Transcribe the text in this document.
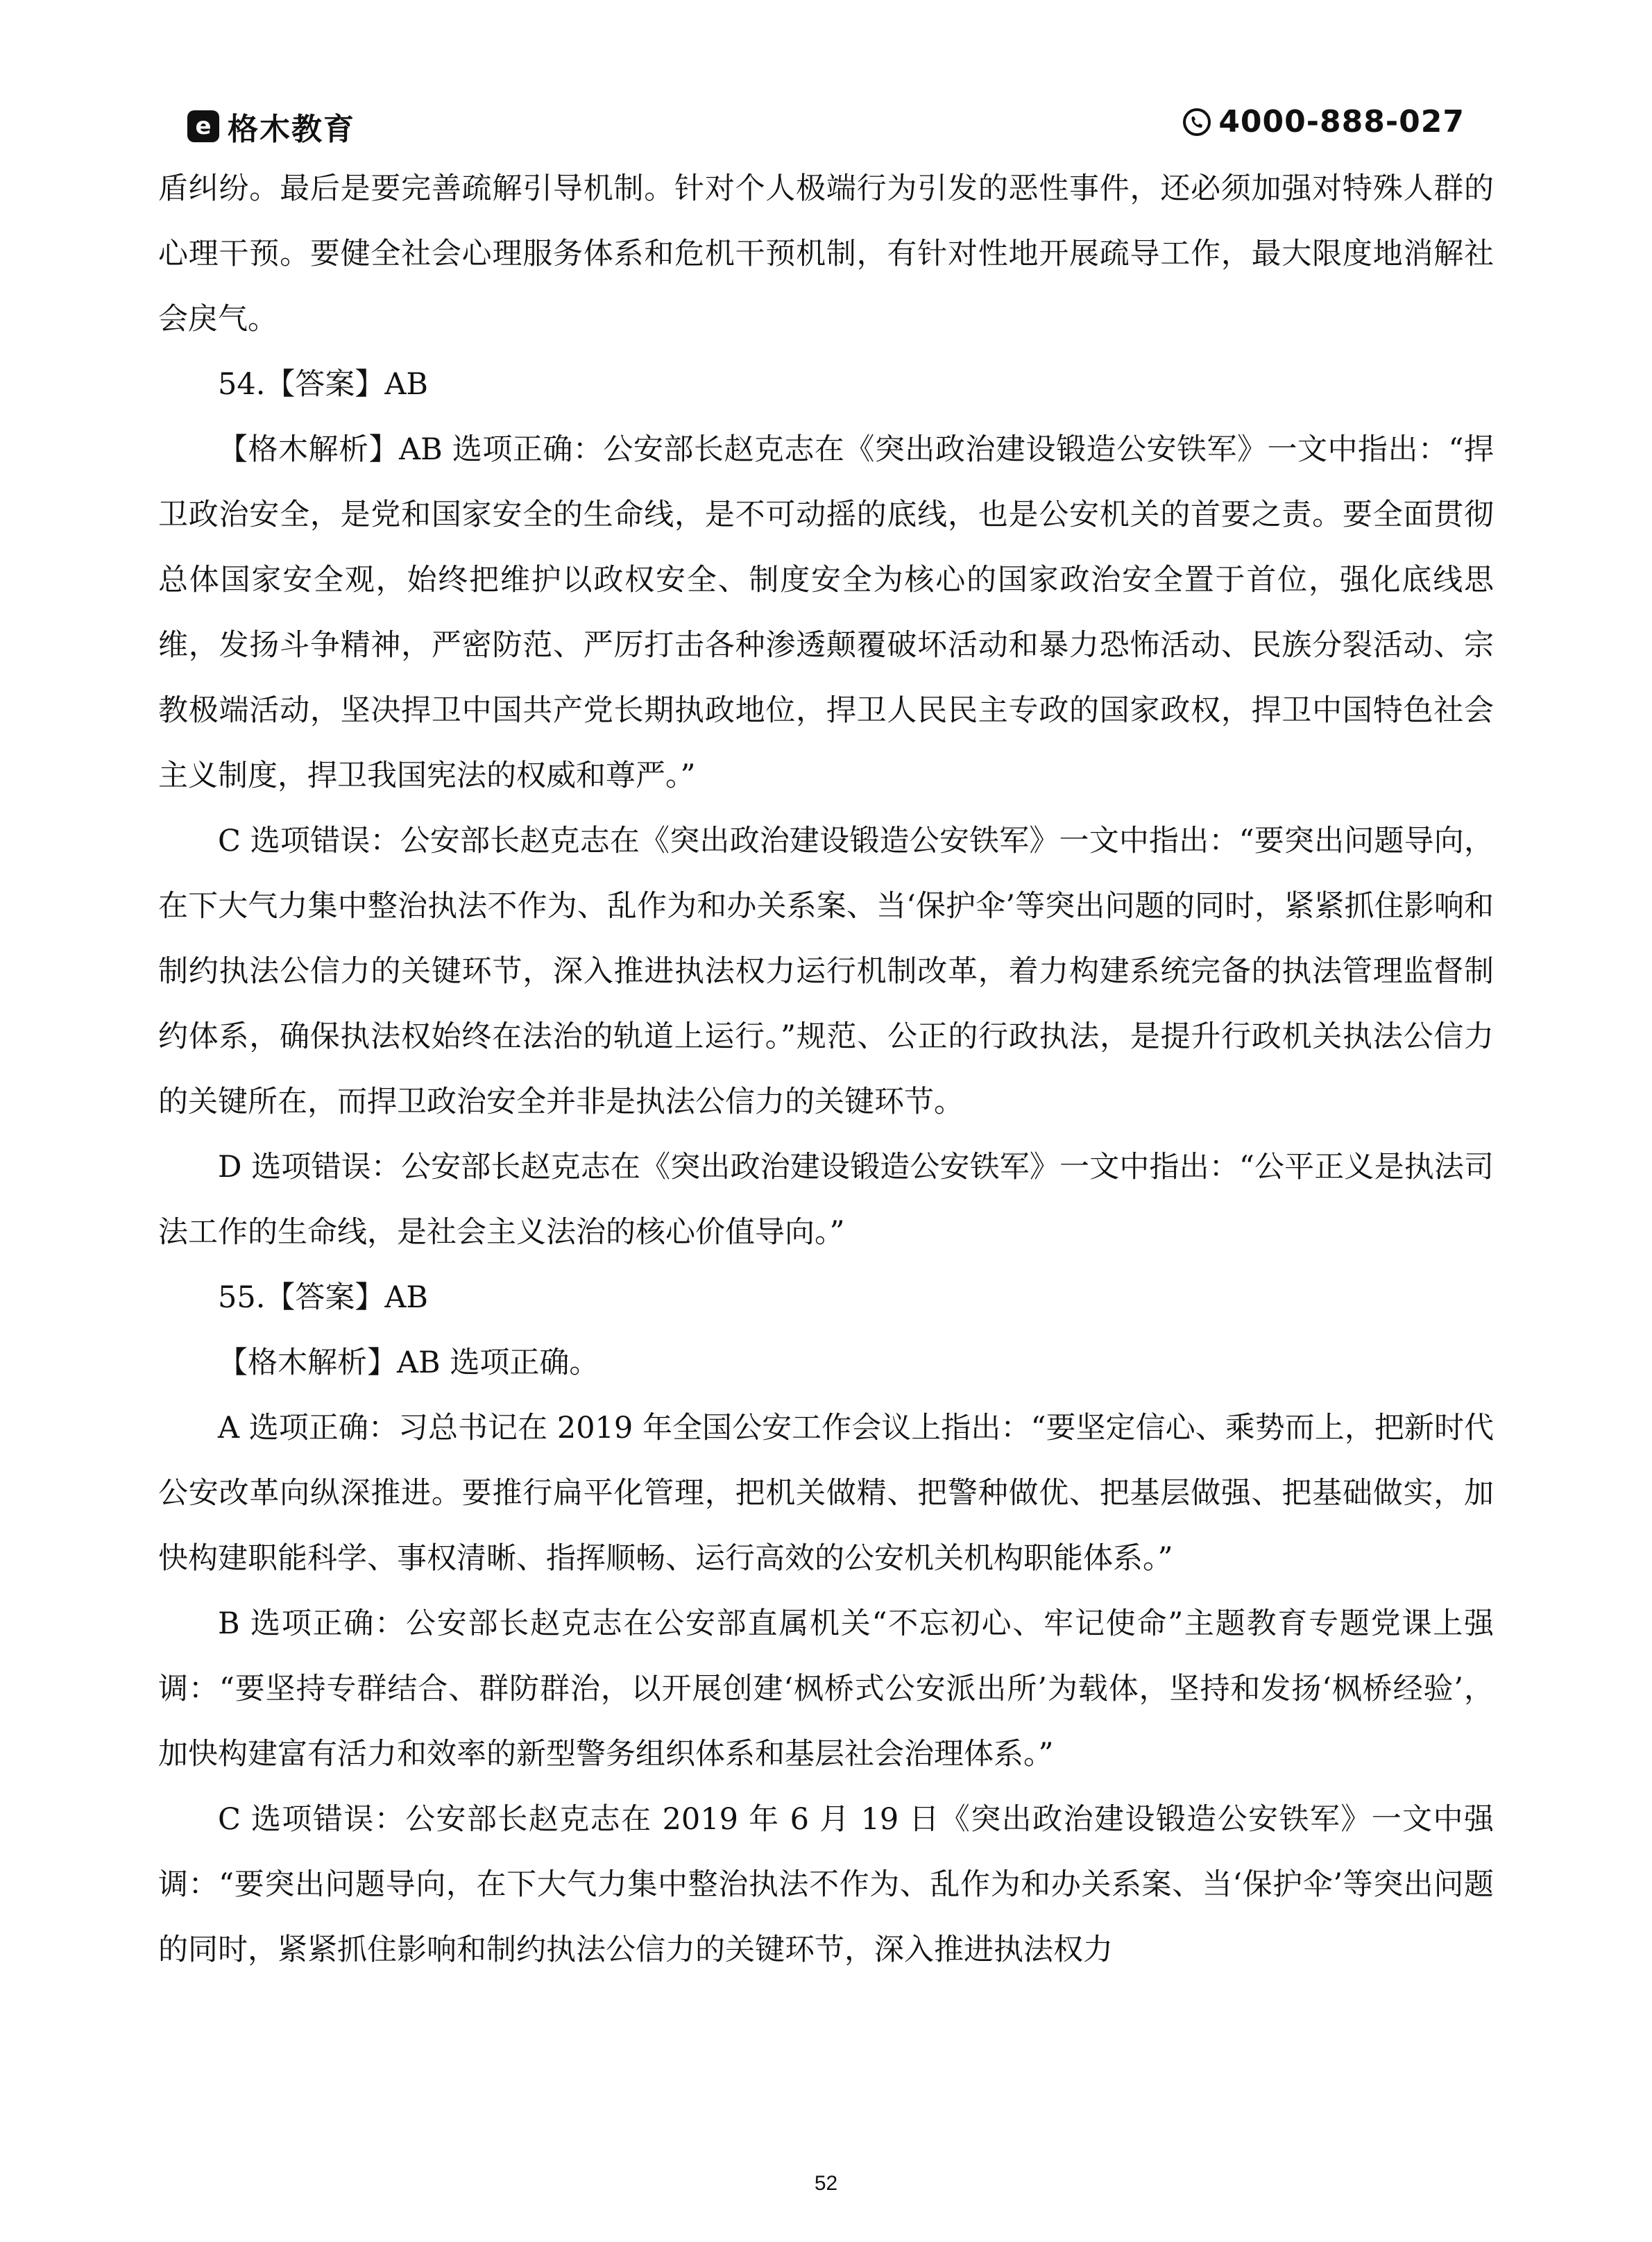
e 格木教育	4000-888-027

盾纠纷。最后是要完善疏解引导机制。针对个人极端行为引发的恶性事件，还必须加强对特殊人群的心理干预。要健全社会心理服务体系和危机干预机制，有针对性地开展疏导工作，最大限度地消解社会戾气。

54.【答案】AB

【格木解析】AB 选项正确：公安部长赵克志在《突出政治建设锻造公安铁军》一文中指出：“捍卫政治安全，是党和国家安全的生命线，是不可动摇的底线，也是公安机关的首要之责。要全面贯彻总体国家安全观，始终把维护以政权安全、制度安全为核心的国家政治安全置于首位，强化底线思维，发扬斗争精神，严密防范、严厉打击各种渗透颠覆破坏活动和暴力恐怖活动、民族分裂活动、宗教极端活动，坚决捍卫中国共产党长期执政地位，捍卫人民民主专政的国家政权，捍卫中国特色社会主义制度，捍卫我国宪法的权威和尊严。”

C 选项错误：公安部长赵克志在《突出政治建设锻造公安铁军》一文中指出：“要突出问题导向，在下大气力集中整治执法不作为、乱作为和办关系案、当‘保护伞’等突出问题的同时，紧紧抓住影响和制约执法公信力的关键环节，深入推进执法权力运行机制改革，着力构建系统完备的执法管理监督制约体系，确保执法权始终在法治的轨道上运行。”规范、公正的行政执法，是提升行政机关执法公信力的关键所在，而捍卫政治安全并非是执法公信力的关键环节。

D 选项错误：公安部长赵克志在《突出政治建设锻造公安铁军》一文中指出：“公平正义是执法司法工作的生命线，是社会主义法治的核心价值导向。”

55.【答案】AB

【格木解析】AB 选项正确。

A 选项正确：习总书记在 2019 年全国公安工作会议上指出：“要坚定信心、乘势而上，把新时代公安改革向纵深推进。要推行扁平化管理，把机关做精、把警种做优、把基层做强、把基础做实，加快构建职能科学、事权清晰、指挥顺畅、运行高效的公安机关机构职能体系。”

B 选项正确：公安部长赵克志在公安部直属机关“不忘初心、牢记使命”主题教育专题党课上强调：“要坚持专群结合、群防群治，以开展创建‘枫桥式公安派出所’为载体，坚持和发扬‘枫桥经验’，加快构建富有活力和效率的新型警务组织体系和基层社会治理体系。”

C 选项错误：公安部长赵克志在 2019 年 6 月 19 日《突出政治建设锻造公安铁军》一文中强调：“要突出问题导向，在下大气力集中整治执法不作为、乱作为和办关系案、当‘保护伞’等突出问题的同时，紧紧抓住影响和制约执法公信力的关键环节，深入推进执法权力

52
